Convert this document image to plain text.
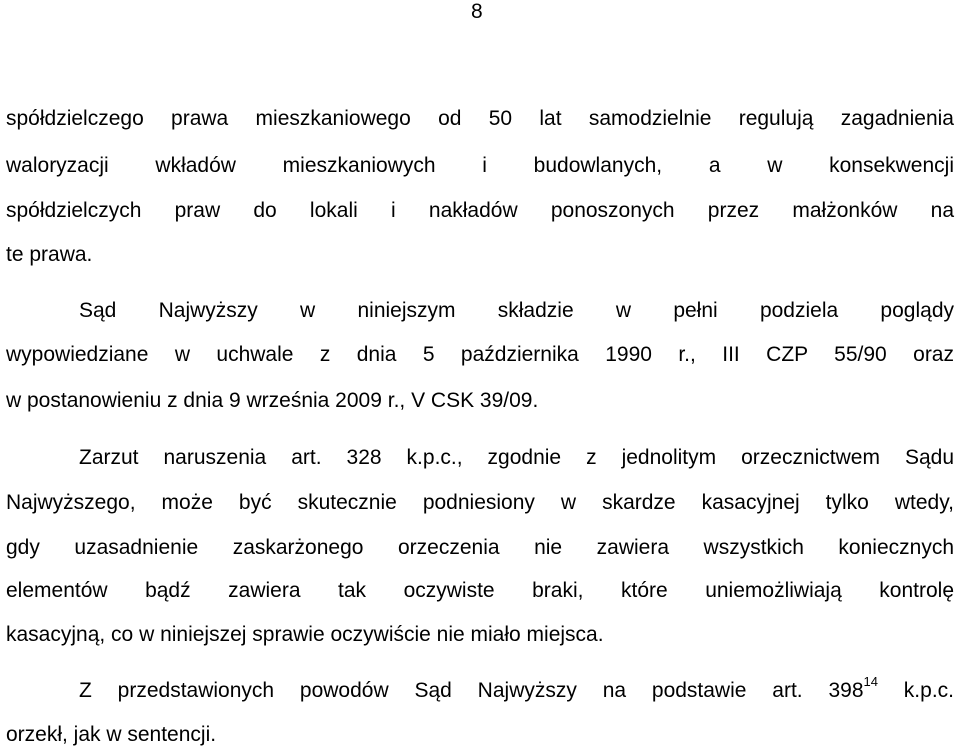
8
spółdzielczego prawa mieszkaniowego od 50 lat samodzielnie regulują zagadnienia
waloryzacji wkładów mieszkaniowych i budowlanych, a w konsekwencji
spółdzielczych praw do lokali i nakładów ponoszonych przez małżonków na
te prawa.
Sąd Najwyższy w niniejszym składzie w pełni podziela poglądy
wypowiedziane w uchwale z dnia 5 października 1990 r., III CZP 55/90 oraz
w postanowieniu z dnia 9 września 2009 r., V CSK 39/09.
Zarzut naruszenia art. 328 k.p.c., zgodnie z jednolitym orzecznictwem Sądu
Najwyższego, może być skutecznie podniesiony w skardze kasacyjnej tylko wtedy,
gdy uzasadnienie zaskarżonego orzeczenia nie zawiera wszystkich koniecznych
elementów bądź zawiera tak oczywiste braki, które uniemożliwiają kontrolę
kasacyjną, co w niniejszej sprawie oczywiście nie miało miejsca.
Z przedstawionych powodów Sąd Najwyższy na podstawie art. $398^{14}$ k.p.c.
orzekł, jak w sentencji.
